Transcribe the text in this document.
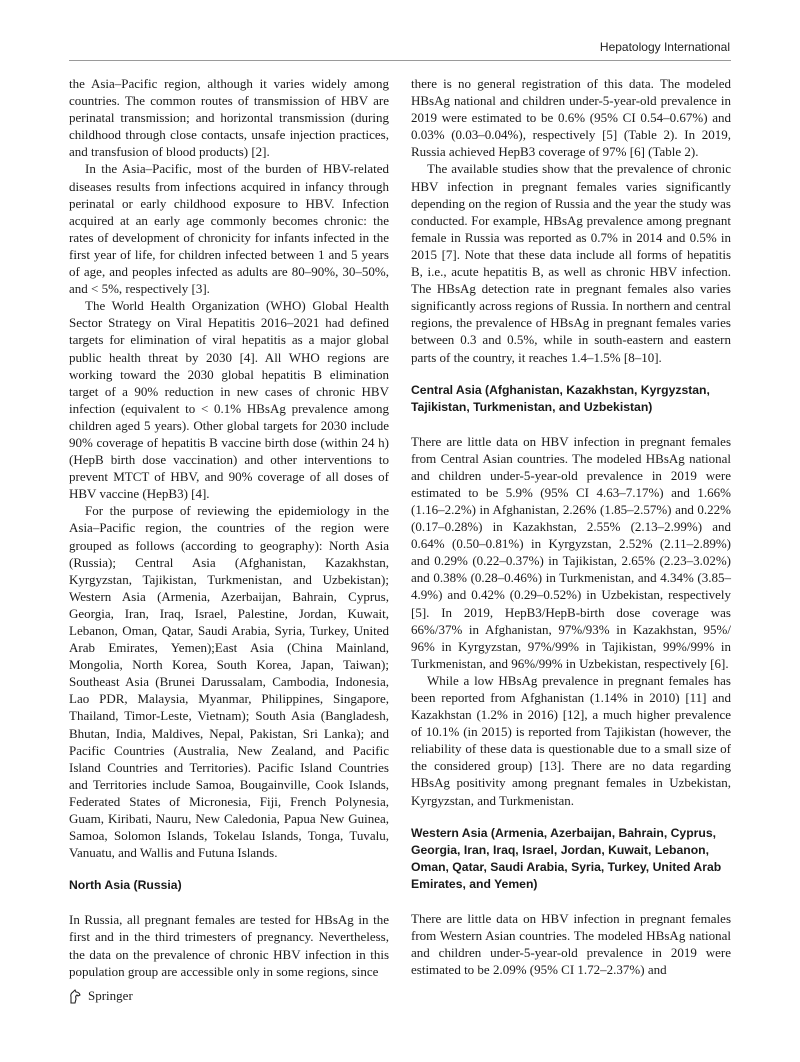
Hepatology International

the Asia–Pacific region, although it varies widely among countries. The common routes of transmission of HBV are perinatal transmission; and horizontal transmission (during childhood through close contacts, unsafe injection practices, and transfusion of blood products) [2].

In the Asia–Pacific, most of the burden of HBV-related diseases results from infections acquired in infancy through perinatal or early childhood exposure to HBV. Infection acquired at an early age commonly becomes chronic: the rates of development of chronicity for infants infected in the first year of life, for children infected between 1 and 5 years of age, and peoples infected as adults are 80–90%, 30–50%, and < 5%, respectively [3].

The World Health Organization (WHO) Global Health Sector Strategy on Viral Hepatitis 2016–2021 had defined targets for elimination of viral hepatitis as a major global public health threat by 2030 [4]. All WHO regions are working toward the 2030 global hepatitis B elimination target of a 90% reduction in new cases of chronic HBV infection (equivalent to < 0.1% HBsAg prevalence among children aged 5 years). Other global targets for 2030 include 90% coverage of hepatitis B vaccine birth dose (within 24 h) (HepB birth dose vaccination) and other interventions to prevent MTCT of HBV, and 90% coverage of all doses of HBV vaccine (HepB3) [4].

For the purpose of reviewing the epidemiology in the Asia–Pacific region, the countries of the region were grouped as follows (according to geography): North Asia (Russia); Central Asia (Afghanistan, Kazakhstan, Kyrgyzstan, Tajikistan, Turkmenistan, and Uzbekistan); Western Asia (Armenia, Azerbaijan, Bahrain, Cyprus, Georgia, Iran, Iraq, Israel, Palestine, Jordan, Kuwait, Lebanon, Oman, Qatar, Saudi Arabia, Syria, Turkey, United Arab Emirates, Yemen);East Asia (China Mainland, Mongolia, North Korea, South Korea, Japan, Taiwan); Southeast Asia (Brunei Darussalam, Cambodia, Indonesia, Lao PDR, Malaysia, Myanmar, Philippines, Singapore, Thailand, Timor-Leste, Vietnam); South Asia (Bangladesh, Bhutan, India, Maldives, Nepal, Pakistan, Sri Lanka); and Pacific Countries (Australia, New Zealand, and Pacific Island Countries and Territories). Pacific Island Countries and Territories include Samoa, Bougainville, Cook Islands, Federated States of Micronesia, Fiji, French Polynesia, Guam, Kiribati, Nauru, New Caledonia, Papua New Guinea, Samoa, Solomon Islands, Tokelau Islands, Tonga, Tuvalu, Vanuatu, and Wallis and Futuna Islands.

North Asia (Russia)

In Russia, all pregnant females are tested for HBsAg in the first and in the third trimesters of pregnancy. Nevertheless, the data on the prevalence of chronic HBV infection in this population group are accessible only in some regions, since

there is no general registration of this data. The modeled HBsAg national and children under-5-year-old prevalence in 2019 were estimated to be 0.6% (95% CI 0.54–0.67%) and 0.03% (0.03–0.04%), respectively [5] (Table 2). In 2019, Russia achieved HepB3 coverage of 97% [6] (Table 2).

The available studies show that the prevalence of chronic HBV infection in pregnant females varies significantly depending on the region of Russia and the year the study was conducted. For example, HBsAg prevalence among pregnant female in Russia was reported as 0.7% in 2014 and 0.5% in 2015 [7]. Note that these data include all forms of hepatitis B, i.e., acute hepatitis B, as well as chronic HBV infection. The HBsAg detection rate in pregnant females also varies significantly across regions of Russia. In northern and central regions, the prevalence of HBsAg in pregnant females varies between 0.3 and 0.5%, while in south-eastern and eastern parts of the country, it reaches 1.4–1.5% [8–10].

Central Asia (Afghanistan, Kazakhstan, Kyrgyzstan, Tajikistan, Turkmenistan, and Uzbekistan)

There are little data on HBV infection in pregnant females from Central Asian countries. The modeled HBsAg national and children under-5-year-old prevalence in 2019 were estimated to be 5.9% (95% CI 4.63–7.17%) and 1.66% (1.16–2.2%) in Afghanistan, 2.26% (1.85–2.57%) and 0.22% (0.17–0.28%) in Kazakhstan, 2.55% (2.13–2.99%) and 0.64% (0.50–0.81%) in Kyrgyzstan, 2.52% (2.11–2.89%) and 0.29% (0.22–0.37%) in Tajikistan, 2.65% (2.23–3.02%) and 0.38% (0.28–0.46%) in Turkmenistan, and 4.34% (3.85–4.9%) and 0.42% (0.29–0.52%) in Uzbekistan, respectively [5]. In 2019, HepB3/HepB-birth dose coverage was 66%/37% in Afghanistan, 97%/93% in Kazakhstan, 95%/ 96% in Kyrgyzstan, 97%/99% in Tajikistan, 99%/99% in Turkmenistan, and 96%/99% in Uzbekistan, respectively [6].

While a low HBsAg prevalence in pregnant females has been reported from Afghanistan (1.14% in 2010) [11] and Kazakhstan (1.2% in 2016) [12], a much higher prevalence of 10.1% (in 2015) is reported from Tajikistan (however, the reliability of these data is questionable due to a small size of the considered group) [13]. There are no data regarding HBsAg positivity among pregnant females in Uzbekistan, Kyrgyzstan, and Turkmenistan.

Western Asia (Armenia, Azerbaijan, Bahrain, Cyprus, Georgia, Iran, Iraq, Israel, Jordan, Kuwait, Lebanon, Oman, Qatar, Saudi Arabia, Syria, Turkey, United Arab Emirates, and Yemen)

There are little data on HBV infection in pregnant females from Western Asian countries. The modeled HBsAg national and children under-5-year-old prevalence in 2019 were estimated to be 2.09% (95% CI 1.72–2.37%) and

Springer
